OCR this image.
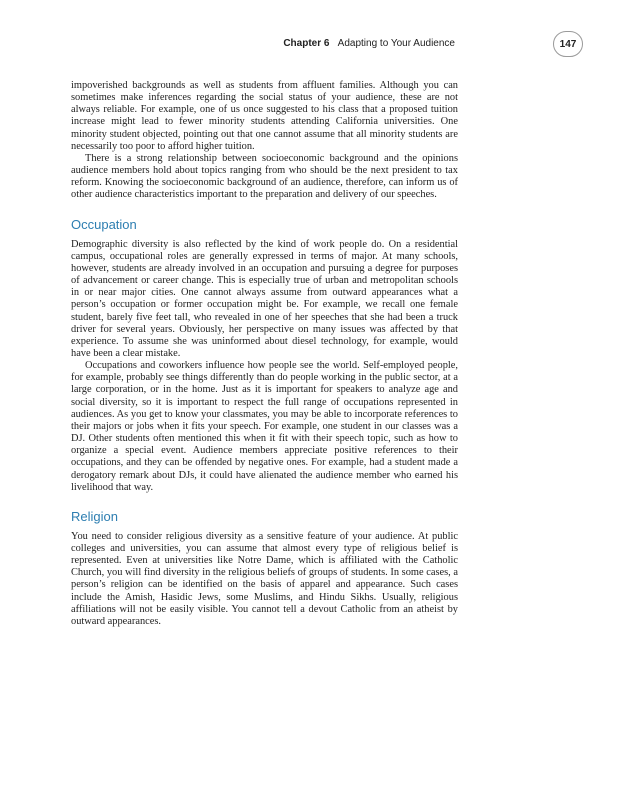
Chapter 6 Adapting to Your Audience	147

impoverished backgrounds as well as students from affluent families. Although you can sometimes make inferences regarding the social status of your audience, these are not always reliable. For example, one of us once suggested to his class that a proposed tuition increase might lead to fewer minority students attending California universities. One minority student objected, pointing out that one cannot assume that all minority students are necessarily too poor to afford higher tuition.

There is a strong relationship between socioeconomic background and the opinions audience members hold about topics ranging from who should be the next president to tax reform. Knowing the socioeconomic background of an audience, therefore, can inform us of other audience characteristics important to the preparation and delivery of our speeches.

Occupation

Demographic diversity is also reflected by the kind of work people do. On a residential campus, occupational roles are generally expressed in terms of major. At many schools, however, students are already involved in an occupation and pursuing a degree for purposes of advancement or career change. This is especially true of urban and metropolitan schools in or near major cities. One cannot always assume from outward appearances what a person’s occupation or former occupation might be. For example, we recall one female student, barely five feet tall, who revealed in one of her speeches that she had been a truck driver for several years. Obviously, her perspective on many issues was affected by that experience. To assume she was uninformed about diesel technology, for example, would have been a clear mistake.

Occupations and coworkers influence how people see the world. Self-employed people, for example, probably see things differently than do people working in the public sector, at a large corporation, or in the home. Just as it is important for speakers to analyze age and social diversity, so it is important to respect the full range of occupations represented in audiences. As you get to know your classmates, you may be able to incorporate references to their majors or jobs when it fits your speech. For example, one student in our classes was a DJ. Other students often mentioned this when it fit with their speech topic, such as how to organize a special event. Audience members appreciate positive references to their occupations, and they can be offended by negative ones. For example, had a student made a derogatory remark about DJs, it could have alienated the audience member who earned his livelihood that way.

Religion

You need to consider religious diversity as a sensitive feature of your audience. At public colleges and universities, you can assume that almost every type of religious belief is represented. Even at universities like Notre Dame, which is affiliated with the Catholic Church, you will find diversity in the religious beliefs of groups of students. In some cases, a person’s religion can be identified on the basis of apparel and appearance. Such cases include the Amish, Hasidic Jews, some Muslims, and Hindu Sikhs. Usually, religious affiliations will not be easily visible. You cannot tell a devout Catholic from an atheist by outward appearances.
